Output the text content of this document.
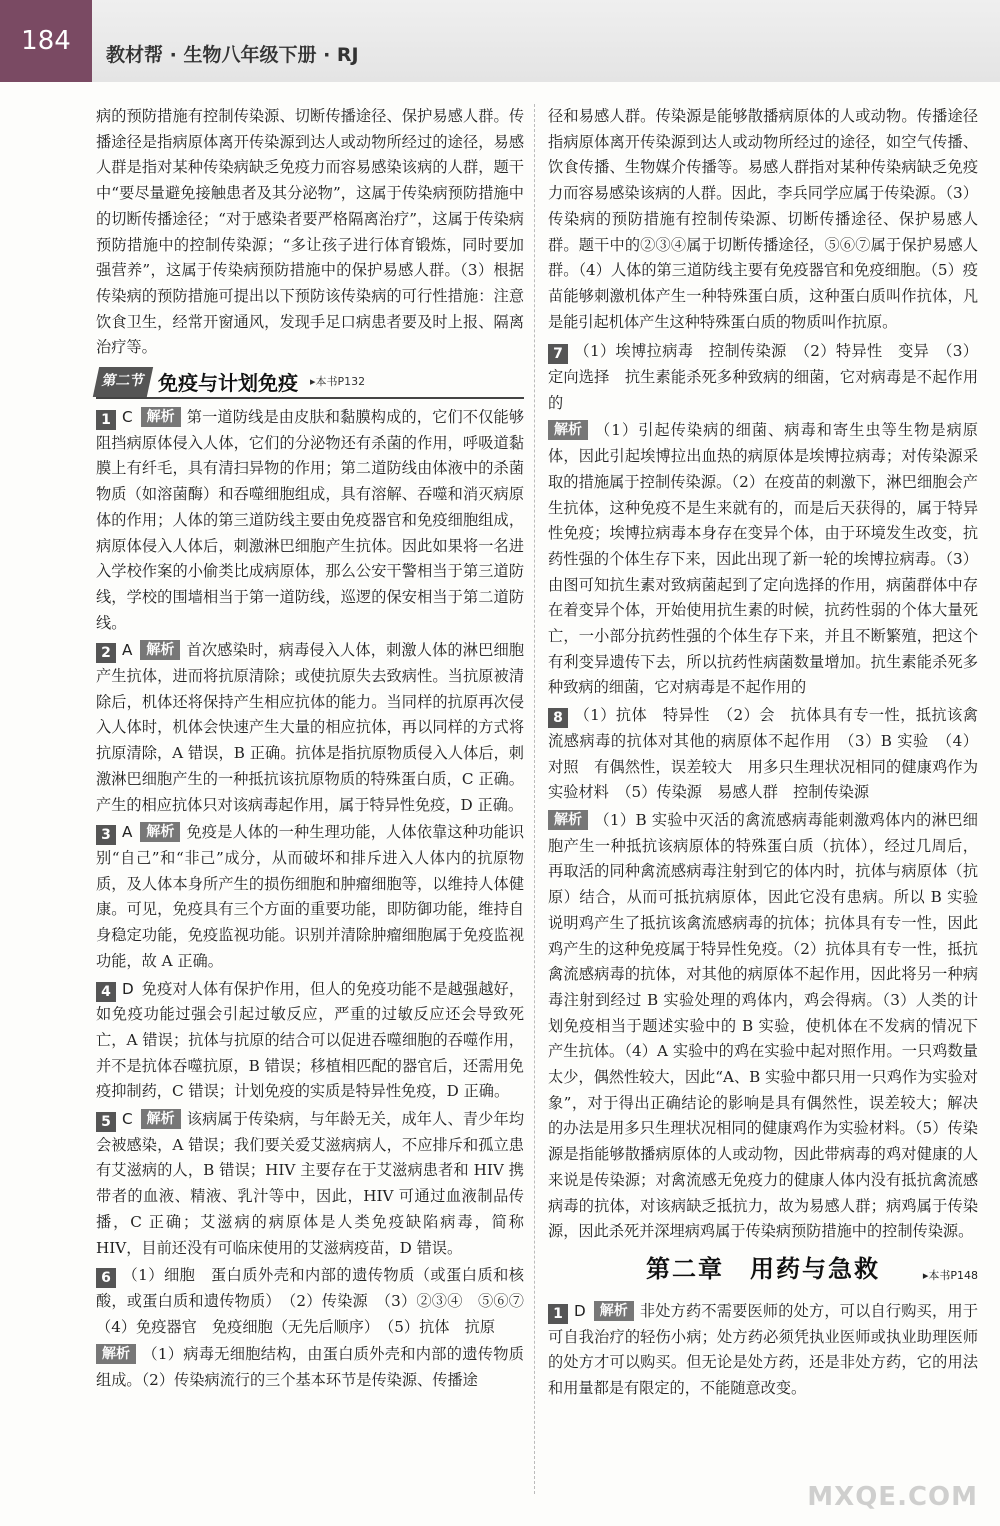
184	教材帮 · 生物八年级下册 · RJ

病的预防措施有控制传染源、切断传播途径、保护易感人群。传播途径是指病原体离开传染源到达人或动物所经过的途径，易感人群是指对某种传染病缺乏免疫力而容易感染该病的人群，题干中“要尽量避免接触患者及其分泌物”，这属于传染病预防措施中的切断传播途径；“对于感染者要严格隔离治疗”，这属于传染病预防措施中的控制传染源；“多让孩子进行体育锻炼，同时要加强营养”，这属于传染病预防措施中的保护易感人群。（3）根据传染病的预防措施可提出以下预防该传染病的可行性措施：注意饮食卫生，经常开窗通风，发现手足口病患者要及时上报、隔离治疗等。

第二节 免疫与计划免疫 ▸本书P132

1 C 解析 第一道防线是由皮肤和黏膜构成的，它们不仅能够阻挡病原体侵入人体，它们的分泌物还有杀菌的作用，呼吸道黏膜上有纤毛，具有清扫异物的作用；第二道防线由体液中的杀菌物质（如溶菌酶）和吞噬细胞组成，具有溶解、吞噬和消灭病原体的作用；人体的第三道防线主要由免疫器官和免疫细胞组成，病原体侵入人体后，刺激淋巴细胞产生抗体。因此如果将一名进入学校作案的小偷类比成病原体，那么公安干警相当于第三道防线，学校的围墙相当于第一道防线，巡逻的保安相当于第二道防线。

2 A 解析 首次感染时，病毒侵入人体，刺激人体的淋巴细胞产生抗体，进而将抗原清除；或使抗原失去致病性。当抗原被清除后，机体还将保持产生相应抗体的能力。当同样的抗原再次侵入人体时，机体会快速产生大量的相应抗体，再以同样的方式将抗原清除，A 错误，B 正确。抗体是指抗原物质侵入人体后，刺激淋巴细胞产生的一种抵抗该抗原物质的特殊蛋白质，C 正确。产生的相应抗体只对该病毒起作用，属于特异性免疫，D 正确。

3 A 解析 免疫是人体的一种生理功能，人体依靠这种功能识别“自己”和“非己”成分，从而破坏和排斥进入人体内的抗原物质，及人体本身所产生的损伤细胞和肿瘤细胞等，以维持人体健康。可见，免疫具有三个方面的重要功能，即防御功能，维持自身稳定功能，免疫监视功能。识别并清除肿瘤细胞属于免疫监视功能，故 A 正确。

4 D 免疫对人体有保护作用，但人的免疫功能不是越强越好，如免疫功能过强会引起过敏反应，严重的过敏反应还会导致死亡，A 错误；抗体与抗原的结合可以促进吞噬细胞的吞噬作用，并不是抗体吞噬抗原，B 错误；移植相匹配的器官后，还需用免疫抑制药，C 错误；计划免疫的实质是特异性免疫，D 正确。

5 C 解析 该病属于传染病，与年龄无关，成年人、青少年均会被感染，A 错误；我们要关爱艾滋病病人，不应排斥和孤立患有艾滋病的人，B 错误；HIV 主要存在于艾滋病患者和 HIV 携带者的血液、精液、乳汁等中，因此，HIV 可通过血液制品传播，C 正确；艾滋病的病原体是人类免疫缺陷病毒，简称 HIV，目前还没有可临床使用的艾滋病疫苗，D 错误。

6 （1）细胞　蛋白质外壳和内部的遗传物质（或蛋白质和核酸，或蛋白质和遗传物质）　（2）传染源　（3）②③④　⑤⑥⑦　（4）免疫器官　免疫细胞（无先后顺序）　（5）抗体　抗原

解析 （1）病毒无细胞结构，由蛋白质外壳和内部的遗传物质组成。（2）传染病流行的三个基本环节是传染源、传播途

径和易感人群。传染源是能够散播病原体的人或动物。传播途径指病原体离开传染源到达人或动物所经过的途径，如空气传播、饮食传播、生物媒介传播等。易感人群指对某种传染病缺乏免疫力而容易感染该病的人群。因此，李兵同学应属于传染源。（3）传染病的预防措施有控制传染源、切断传播途径、保护易感人群。题干中的②③④属于切断传播途径，⑤⑥⑦属于保护易感人群。（4）人体的第三道防线主要有免疫器官和免疫细胞。（5）疫苗能够刺激机体产生一种特殊蛋白质，这种蛋白质叫作抗体，凡是能引起机体产生这种特殊蛋白质的物质叫作抗原。

7 （1）埃博拉病毒　控制传染源　（2）特异性　变异　（3）定向选择　抗生素能杀死多种致病的细菌，它对病毒是不起作用的

解析 （1）引起传染病的细菌、病毒和寄生虫等生物是病原体，因此引起埃博拉出血热的病原体是埃博拉病毒；对传染源采取的措施属于控制传染源。（2）在疫苗的刺激下，淋巴细胞会产生抗体，这种免疫不是生来就有的，而是后天获得的，属于特异性免疫；埃博拉病毒本身存在变异个体，由于环境发生改变，抗药性强的个体生存下来，因此出现了新一轮的埃博拉病毒。（3）由图可知抗生素对致病菌起到了定向选择的作用，病菌群体中存在着变异个体，开始使用抗生素的时候，抗药性弱的个体大量死亡，一小部分抗药性强的个体生存下来，并且不断繁殖，把这个有利变异遗传下去，所以抗药性病菌数量增加。抗生素能杀死多种致病的细菌，它对病毒是不起作用的

8 （1）抗体　特异性　（2）会　抗体具有专一性，抵抗该禽流感病毒的抗体对其他的病原体不起作用　（3）B 实验　（4）对照　有偶然性，误差较大　用多只生理状况相同的健康鸡作为实验材料　（5）传染源　易感人群　控制传染源

解析 （1）B 实验中灭活的禽流感病毒能刺激鸡体内的淋巴细胞产生一种抵抗该病原体的特殊蛋白质（抗体），经过几周后，再取活的同种禽流感病毒注射到它的体内时，抗体与病原体（抗原）结合，从而可抵抗病原体，因此它没有患病。所以 B 实验说明鸡产生了抵抗该禽流感病毒的抗体；抗体具有专一性，因此鸡产生的这种免疫属于特异性免疫。（2）抗体具有专一性，抵抗禽流感病毒的抗体，对其他的病原体不起作用，因此将另一种病毒注射到经过 B 实验处理的鸡体内，鸡会得病。（3）人类的计划免疫相当于题述实验中的 B 实验，使机体在不发病的情况下产生抗体。（4）A 实验中的鸡在实验中起对照作用。一只鸡数量太少，偶然性较大，因此“A、B 实验中都只用一只鸡作为实验对象”，对于得出正确结论的影响是具有偶然性，误差较大；解决的办法是用多只生理状况相同的健康鸡作为实验材料。（5）传染源是指能够散播病原体的人或动物，因此带病毒的鸡对健康的人来说是传染源；对禽流感无免疫力的健康人体内没有抵抗禽流感病毒的抗体，对该病缺乏抵抗力，故为易感人群；病鸡属于传染源，因此杀死并深埋病鸡属于传染病预防措施中的控制传染源。

第二章　用药与急救	▸本书P148

1 D 解析 非处方药不需要医师的处方，可以自行购买，用于可自我治疗的轻伤小病；处方药必须凭执业医师或执业助理医师的处方才可以购买。但无论是处方药，还是非处方药，它的用法和用量都是有限定的，不能随意改变。

MXQE.COM
